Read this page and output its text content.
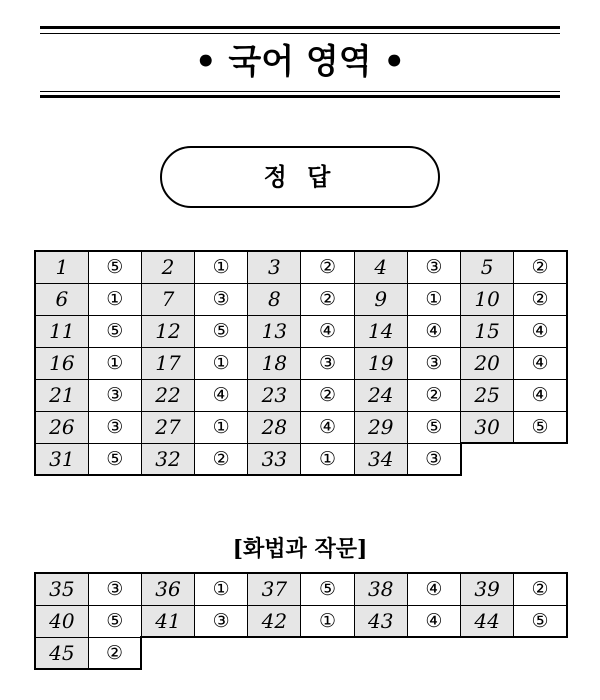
• 국어 영역 •
정 답
1	⑤	2	①	3	②	4	③	5	②
6	①	7	③	8	②	9	①	10	②
11	⑤	12	⑤	13	④	14	④	15	④
16	①	17	①	18	③	19	③	20	④
21	③	22	④	23	②	24	②	25	④
26	③	27	①	28	④	29	⑤	30	⑤
31	⑤	32	②	33	①	34	③		
[화법과 작문]
35	③	36	①	37	⑤	38	④	39	②
40	⑤	41	③	42	①	43	④	44	⑤
45	②								
